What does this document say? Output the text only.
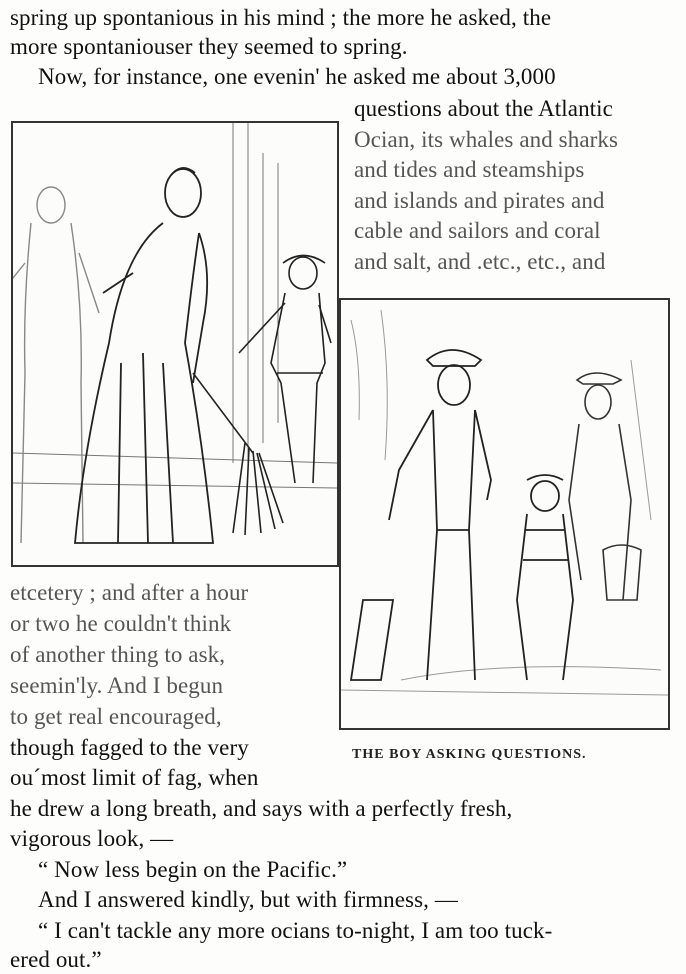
spring up spontanious in his mind ; the more he asked, the
more spontaniouser they seemed to spring.
Now, for instance, one evenin' he asked me about 3,000
questions about the Atlantic
Ocian, its whales and sharks
and tides and steamships
and islands and pirates and
cable and sailors and coral
and salt, and .etc., etc., and
etcetery ; and after a hour
or two he couldn't think
of another thing to ask,
seemin'ly. And I begun
to get real encouraged,
though fagged to the very
ou´most limit of fag, when
THE BOY ASKING QUESTIONS.
he drew a long breath, and says with a perfectly fresh,
vigorous look, —
“ Now less begin on the Pacific.”
And I answered kindly, but with firmness, —
“ I can't tackle any more ocians to-night, I am too tuck-
ered out.”
